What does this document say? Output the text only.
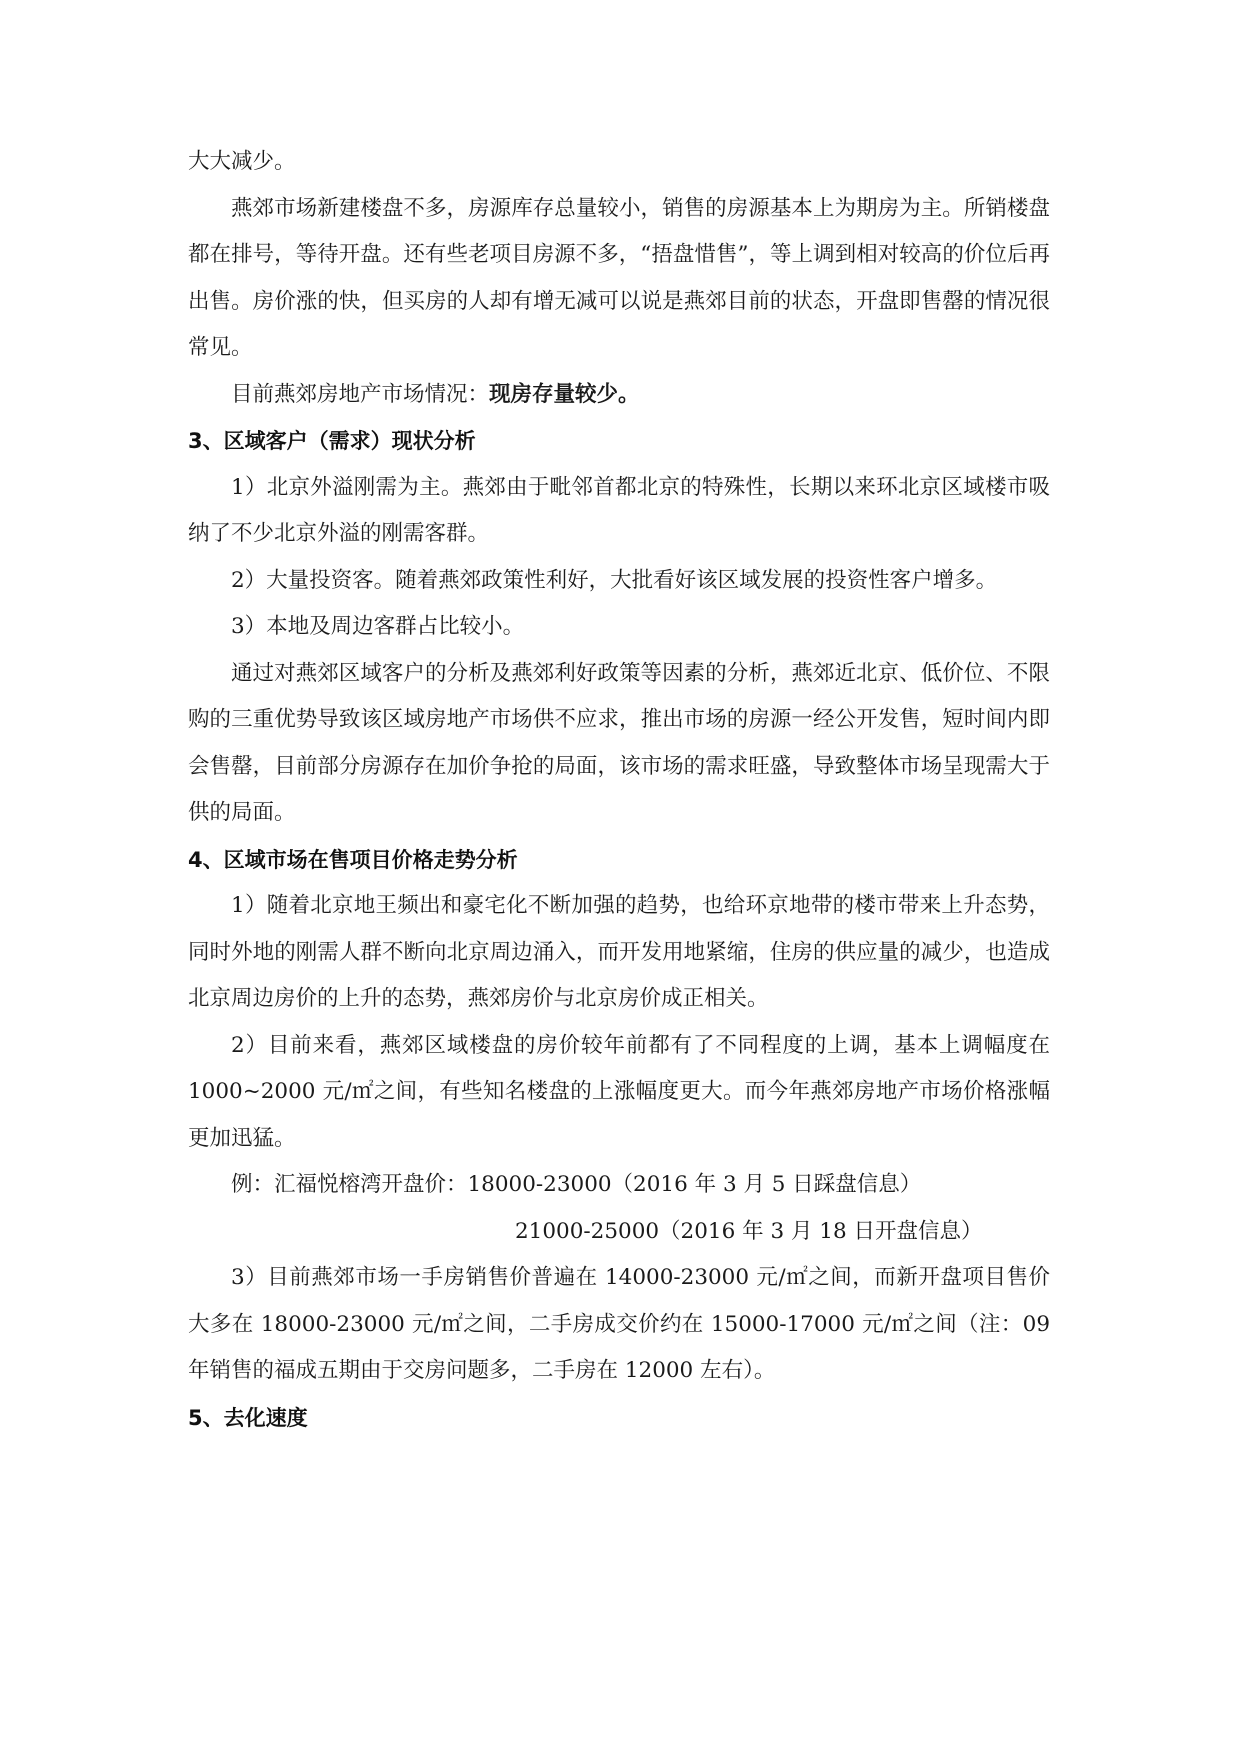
大大减少。

燕郊市场新建楼盘不多，房源库存总量较小，销售的房源基本上为期房为主。所销楼盘都在排号，等待开盘。还有些老项目房源不多，“捂盘惜售”，等上调到相对较高的价位后再出售。房价涨的快，但买房的人却有增无减可以说是燕郊目前的状态，开盘即售罄的情况很常见。

目前燕郊房地产市场情况：现房存量较少。

3、区域客户（需求）现状分析

1）北京外溢刚需为主。燕郊由于毗邻首都北京的特殊性，长期以来环北京区域楼市吸纳了不少北京外溢的刚需客群。

2）大量投资客。随着燕郊政策性利好，大批看好该区域发展的投资性客户增多。

3）本地及周边客群占比较小。

通过对燕郊区域客户的分析及燕郊利好政策等因素的分析，燕郊近北京、低价位、不限购的三重优势导致该区域房地产市场供不应求，推出市场的房源一经公开发售，短时间内即会售罄，目前部分房源存在加价争抢的局面，该市场的需求旺盛，导致整体市场呈现需大于供的局面。

4、区域市场在售项目价格走势分析

1）随着北京地王频出和豪宅化不断加强的趋势，也给环京地带的楼市带来上升态势，同时外地的刚需人群不断向北京周边涌入，而开发用地紧缩，住房的供应量的减少，也造成北京周边房价的上升的态势，燕郊房价与北京房价成正相关。

2）目前来看，燕郊区域楼盘的房价较年前都有了不同程度的上调，基本上调幅度在 1000~2000 元/㎡之间，有些知名楼盘的上涨幅度更大。而今年燕郊房地产市场价格涨幅更加迅猛。

例：汇福悦榕湾开盘价：18000-23000（2016 年 3 月 5 日踩盘信息）

21000-25000（2016 年 3 月 18 日开盘信息）

3）目前燕郊市场一手房销售价普遍在 14000-23000 元/㎡之间，而新开盘项目售价大多在 18000-23000 元/㎡之间，二手房成交价约在 15000-17000 元/㎡之间（注：09 年销售的福成五期由于交房问题多，二手房在 12000 左右）。

5、去化速度
